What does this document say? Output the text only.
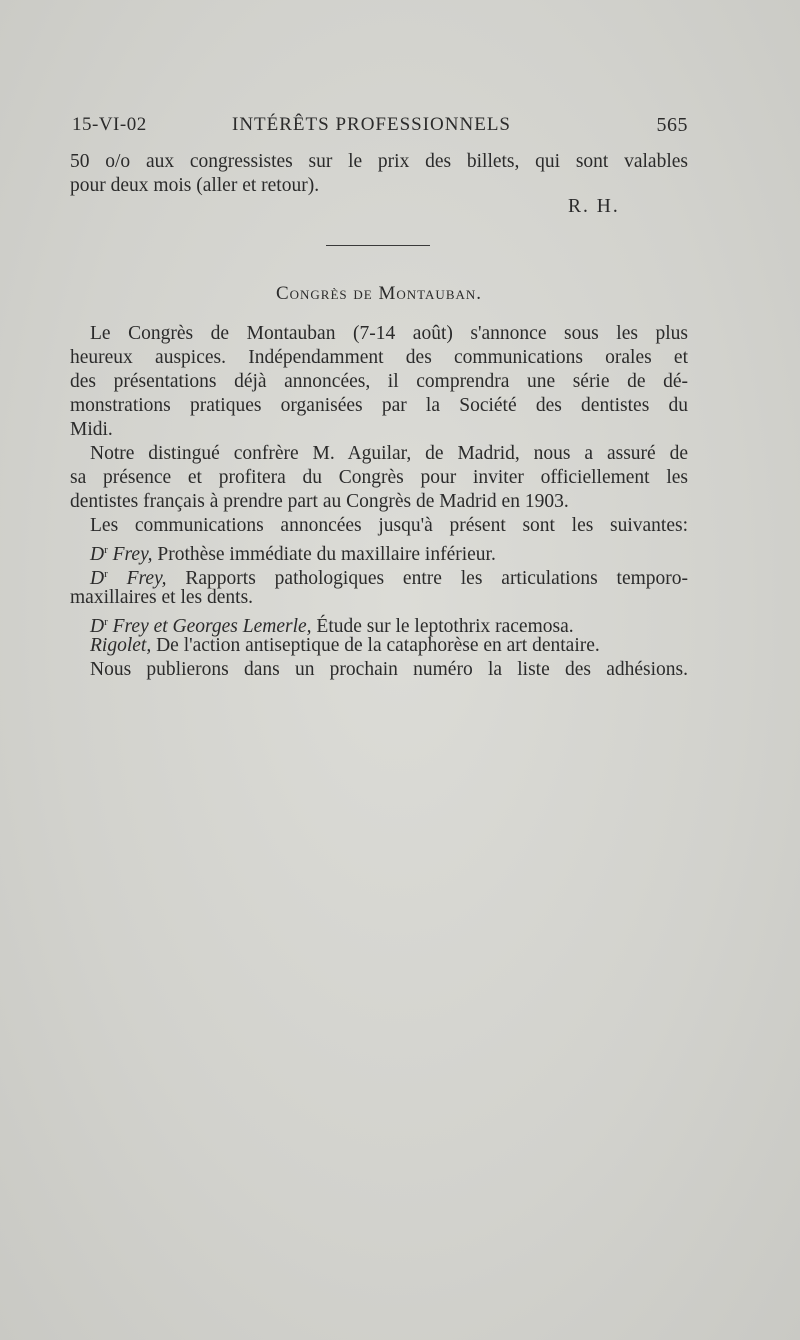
15-VI-02	INTÉRÊTS PROFESSIONNELS	565
50 o/o aux congressistes sur le prix des billets, qui sont valables
pour deux mois (aller et retour).
R. H.
Congrès de Montauban.
Le Congrès de Montauban (7-14 août) s'annonce sous les plus
heureux auspices. Indépendamment des communications orales et
des présentations déjà annoncées, il comprendra une série de dé-
monstrations pratiques organisées par la Société des dentistes du
Midi.
Notre distingué confrère M. Aguilar, de Madrid, nous a assuré de
sa présence et profitera du Congrès pour inviter officiellement les
dentistes français à prendre part au Congrès de Madrid en 1903.
Les communications annoncées jusqu'à présent sont les suivantes:
$D^r$ Frey, Prothèse immédiate du maxillaire inférieur.
$D^r$ Frey, Rapports pathologiques entre les articulations temporo-
maxillaires et les dents.
$D^r$ Frey et Georges Lemerle, Étude sur le leptothrix racemosa.
Rigolet, De l'action antiseptique de la cataphorèse en art dentaire.
Nous publierons dans un prochain numéro la liste des adhésions.
